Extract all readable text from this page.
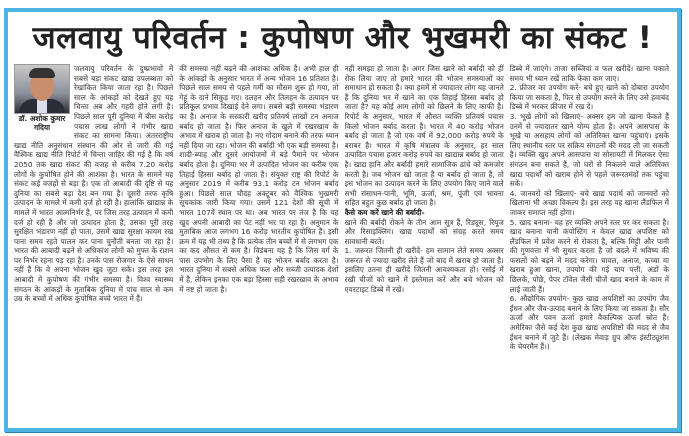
जलवायु परिवर्तन : कुपोषण और भुखमरी का संकट !
डॉ. अशोक कुमार
गदिया

जलवायु परिवर्तन के दुष्प्रभावों में सबसे बड़ा संकट खाद्य उपलब्धता को रेखांकित किया जाता रहा है। पिछले साल के आंकड़ों को देखते हुए यह चिन्ता अब और गहरी होने लगी है। पिछले साल पूरी दुनिया में बीस करोड़ पचास लाख लोगों ने गंभीर खाद्य संकट का सामना किया। अंतरराष्ट्रीय खाद्य नीति अनुसंधान संस्थान की ओर से जारी की गई वैश्विक खाद्य नीति रिपोर्ट में चिन्ता जाहिर की गई है कि वर्ष 2050 तक खाद्य संकट की वजह से करीब 7.20 करोड़ लोगों के कुपोषित होने की आशंका है। भारत के सामने यह संकट कई वजहों से बड़ा है। एक तो आबादी की दृष्टि से यह दुनिया का सबसे बड़ा देश बन गया है। दूसरी तरफ कृषि उत्पादन के मामले में कमी दर्ज हो रही है। हालांकि खाद्यान्न के मामले में भारत आत्मनिर्भर है, पर जिस तरह उत्पादन में कमी दर्ज हो रही है और जो उत्पादन होता है, उसका पूरी तरह सुरक्षित भंडारण नहीं हो पाता, उसमें खाद्य सुरक्षा कायम रख पाना समय रहते पालन कर पाना चुनौती बनता जा रहा है। भारत की आबादी बढ़ने से अधिकांश लोगों को मुफ्त के राशन पर निर्भर रहना पड़ रहा है। उनके पास रोजगार के ऐसे साधन नहीं हैं कि वे अपना भोजन खुद जुटा सकें। इस तरह इस आबादी में कुपोषण की गंभीर समस्या है। विश्व स्वास्थ्य संगठन के आंकड़ों के मुताबिक दुनिया में पांच साल से कम उम्र के बच्चों में अधिक कुपोषित बच्चे भारत में हैं।

की समस्या नहीं बढ़ने की आशंका अधिक है। अभी हाल ही के आंकड़ों के अनुसार भारत में अन्य भोजन 16 प्रतिशत है। पिछले साल समय से पहले गर्मी का मौसम शुरू हो गया, तो गेहूं के दाने सिकुड़ गए। दलहन और तिलहन के उत्पादन पर प्रतिकूल प्रभाव दिखाई देने लगा। सबसे बड़ी समस्या भंडारण का है। अनाज के सरकारी खरीद प्रतिवर्ष लाखों टन अनाज बर्बाद हो जाता है। फिर अनाज के खुले में रखरखाव के अभाव में खराब हो जाता है। नए गोदाम बनाने की तरफ ध्यान नहीं दिया जा रहा। भोजन की बर्बादी भी एक बड़ी समस्या है। शादी-ब्याह और दूसरे आयोजनों में बड़े पैमाने पर भोजन बर्बाद होता है। दुनिया भर में उत्पादित भोजन का करीब एक तिहाई हिस्सा बर्बाद हो जाता है। संयुक्त राष्ट्र की रिपोर्ट के अनुसार 2019 में करीब 93.1 करोड़ टन भोजन बर्बाद हुआ। पिछले साल चौदह अक्टूबर को वैश्विक भुखमरी सूचकांक जारी किया गया। उसमें 121 देशों की सूची में भारत 107वें स्थान पर था। अब भारत पर तंज है कि यह खुद अपनी आबादी का पेट नहीं भर पा रहा है। अनुमान के मुताबिक आज लगभग 16 करोड़ भारतीय कुपोषित हैं। इसी क्रम में यह भी तथ्य है कि प्रत्येक तीन बच्चों में से लगभग एक का कद औसत से कम है। विडंबना यह है कि जिस वर्ग के पास उपभोग के लिए पैसा है वह भोजन बर्बाद करता है। भारत दुनिया में सबसे अधिक फल और सब्जी उत्पादक देशों में है, लेकिन इनका एक बड़ा हिस्सा सही रखरखाव के अभाव में नष्ट हो जाता है।

नहीं समझा हो जाता है। अगर जिस खाने को बर्बादी को हीं रोक लिया जाए तो हमारे भारत की भोजन समस्याओं का समाधान हो सकता है। क्या हममें से ज्यादातर लोग यह जानते हैं कि दुनिया भर में खाने का एक तिहाई हिस्सा बर्बाद हो जाता है? यह कोई आम लोगों को छिलने के लिए काफी है। रिपोर्ट के अनुसार, भारत में औसत व्यक्ति प्रतिवर्ष पचास किलो भोजन बर्बाद करता है। भारत में 40 करोड़ भोजन बर्बाद हो जाता है जो एक वर्ष में 92,000 करोड़ रुपये के बराबर है। भारत में कृषि मंत्रालय के अनुसार, हर साल उत्पादित पचास हजार करोड़ रुपये का खाद्यान्न बर्बाद हो जाता है। खाद्य हानि और बर्बादी हमारे सामाजिक ढांचे को कमजोर करती है। जब भोजन खो जाता है या बर्बाद हो जाता है, तो इस भोजन का उत्पादन करने के लिए उपयोग किए जाने वाले सभी संसाधन-पानी, भूमि, ऊर्जा, श्रम, पूंजी एवं भावना सहित बहुत कुछ बर्बाद हो जाता है।

कैसे कम करें खाने की बर्बादी-

खाने की बर्बादी रोकने के तीन आम सूत्र हैं, रिड्यूस, रियूज और रिसाइक्लिंग। खाद्य पदार्थों को संग्रह करते समय सावधानी बरतें।

1. जरूरत जितनी ही खरीदें- हम सामान लेते समय अक्सर जरूरत से ज्यादा खरीद लेते हैं जो बाद में खराब हो जाता है। इसलिए उतना ही खरीदें जितनी आवश्यकता हो। रसोई में रखी चीजों को खाने में इस्तेमाल करें और बचे भोजन को एयरटाइट डिब्बे में रखें।

डिब्बे में जाएंगे। ताजा सब्जियां व फल खरीदें। खाना पकाते समय भी ध्यान रखें ताकि फेंका कम जाए।

2. फ्रीजर का उपयोग करें- बचे हुए खाने को दोबारा उपयोग किया जा सकता है, फिर से उपयोग करने के लिए उसे हवाबंद डिब्बे में भरकर फ्रीजर में रख दें।

3. भूखे लोगों को खिलाएं- अक्सर हम जो खाना फेंकते हैं उनमें से ज्यादातर खाने योग्य होता है। अपने आसपास के भूखे या असहाय लोगों को अतिरिक्त खाना पहुंचाएं। इसके लिए स्थानीय स्तर पर सक्रिय संगठनों की मदद ली जा सकती है। व्यक्ति खुद अपने आसपास या सोसायटी में मिलकर ऐसा संगठन बना सकते हैं, जो घरों से निकलने वाले अतिरिक्त खाद्य पदार्थों को खराब होने से पहले जरूरतमंदों तक पहुंचा सकें।

4. जानवरों को खिलाएं- बचे खाद्य पदार्थ को जानवरों को खिलाना भी अच्छा विकल्प है। इस तरह वह खाना लैंडफिल में जाकर समाप्त नहीं होगा।

5. खाद बनाना- यह हर व्यक्ति अपने स्तर पर कर सकता है। खाद बनाना यानी कंपोस्टिंग न केवल खाद्य अपशिष्ट को लैंडफिल में प्रवेश करने से रोकता है, बल्कि मिट्टी और पानी की गुणवत्ता में भी सुधार करता है जो बदले में भविष्य की फसलों को बढ़ने में मदद करेगा। चावल, अनाज, कच्चा या खराब हुआ खाना, उपयोग की गई चाय पत्ती, अंडों के छिलके, पोंछे, पेपर टॉवेल जैसी चीजें खाद बनाने के काम में लाई जाती हैं।

6. औद्योगिक उपयोग- कुछ खाद्य अपशिष्टों का उपयोग जैव ईंधन और जैव-उत्पाद बनाने के लिए किया जा सकता है। सौर ऊर्जा और पवन ऊर्जा हमारे वैकल्पिक ऊर्जा स्रोत हैं। अमेरिका जैसे कई देश कुछ खाद्य अपशिष्टों की मदद से जैव ईंधन बनाने में जुटे हैं। (लेखक मेवाड़ ग्रुप ऑफ इंस्टीट्यूशंस के चेयरमैन हैं।)
